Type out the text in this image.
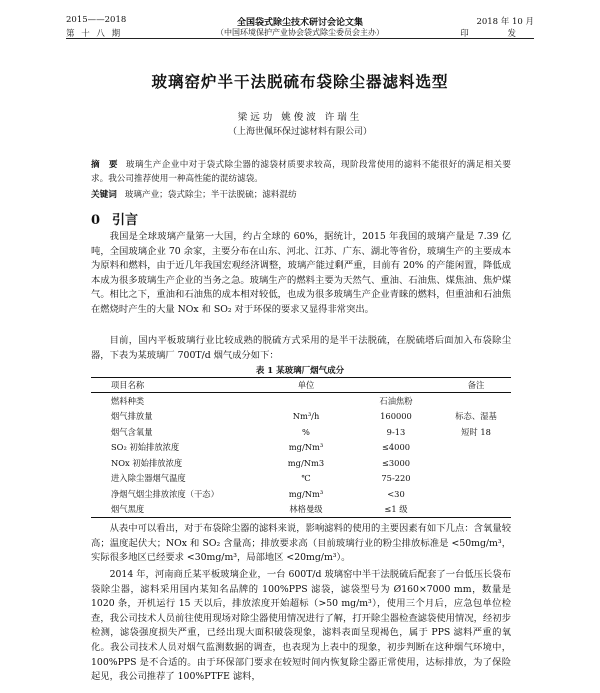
2015——2018
第 十 八 期
全国袋式除尘技术研讨会论文集
（中国环境保护产业协会袋式除尘委员会主办）
2018 年 10 月
印 发
玻璃窑炉半干法脱硫布袋除尘器滤料选型
梁远功 姚俊波 许瑞生
（上海世佩环保过滤材料有限公司）
摘　要 玻璃生产企业中对于袋式除尘器的滤袋材质要求较高，现阶段常使用的滤料不能很好的满足相关要求。我公司推荐使用一种高性能的混纺滤袋。
关键词 玻璃产业；袋式除尘；半干法脱硫；滤料混纺
0 引言
我国是全球玻璃产量第一大国，约占全球的 60%，据统计，2015 年我国的玻璃产量是 7.39 亿吨，全国玻璃企业 70 余家，主要分布在山东、河北、江苏、广东、湖北等省份，玻璃生产的主要成本为原料和燃料，由于近几年我国宏观经济调整，玻璃产能过剩严重，目前有 20% 的产能闲置，降低成本成为很多玻璃生产企业的当务之急。玻璃生产的燃料主要为天然气、重油、石油焦、煤焦油、焦炉煤气。相比之下，重油和石油焦的成本相对较低，也成为很多玻璃生产企业青睐的燃料，但重油和石油焦在燃烧时产生的大量 NOx 和 SO₂ 对于环保的要求又显得非常突出。
目前，国内平板玻璃行业比较成熟的脱硫方式采用的是半干法脱硫，在脱硫塔后面加入布袋除尘器，下表为某玻璃厂 700T/d 烟气成分如下：
表 1 某玻璃厂烟气成分
项目名称	单位		备注
燃料种类		石油焦粉	
烟气排放量	Nm³/h	160000	标态、湿基
烟气含氧量	%	9-13	短时 18
SO₂ 初始排放浓度	mg/Nm³	≤4000	
NOx 初始排放浓度	mg/Nm3	≤3000	
进入除尘器烟气温度	℃	75-220	
净烟气烟尘排放浓度（干态）	mg/Nm³	<30	
烟气黑度	林格曼级	≤1 级	
从表中可以看出，对于布袋除尘器的滤料来说，影响滤料的使用的主要因素有如下几点：含氧量较高；温度起伏大；NOx 和 SO₂ 含量高；排放要求高（目前玻璃行业的粉尘排放标准是 <50mg/m³，实际很多地区已经要求 <30mg/m³，局部地区 <20mg/m³）。
2014 年，河南商丘某平板玻璃企业，一台 600T/d 玻璃窑中半干法脱硫后配套了一台低压长袋布袋除尘器，滤料采用国内某知名品牌的 100%PPS 滤袋，滤袋型号为 Ø160×7000 mm，数量是 1020 条，开机运行 15 天以后，排放浓度开始超标（>50 mg/m³），使用三个月后，应急包单位检查，我公司技术人员前往使用现场对除尘器使用情况进行了解，打开除尘器检查滤袋使用情况，经初步检测，滤袋强度损失严重，已经出现大面积破袋现象，滤料表面呈现褐色，属于 PPS 滤料严重的氧化。我公司技术人员对烟气监测数据的调查，也表现为上表中的现象，初步判断在这种烟气环境中，100%PPS 是不合适的。由于环保部门要求在较短时间内恢复除尘器正常使用，达标排放，为了保险起见，我公司推荐了 100%PTFE 滤料，
